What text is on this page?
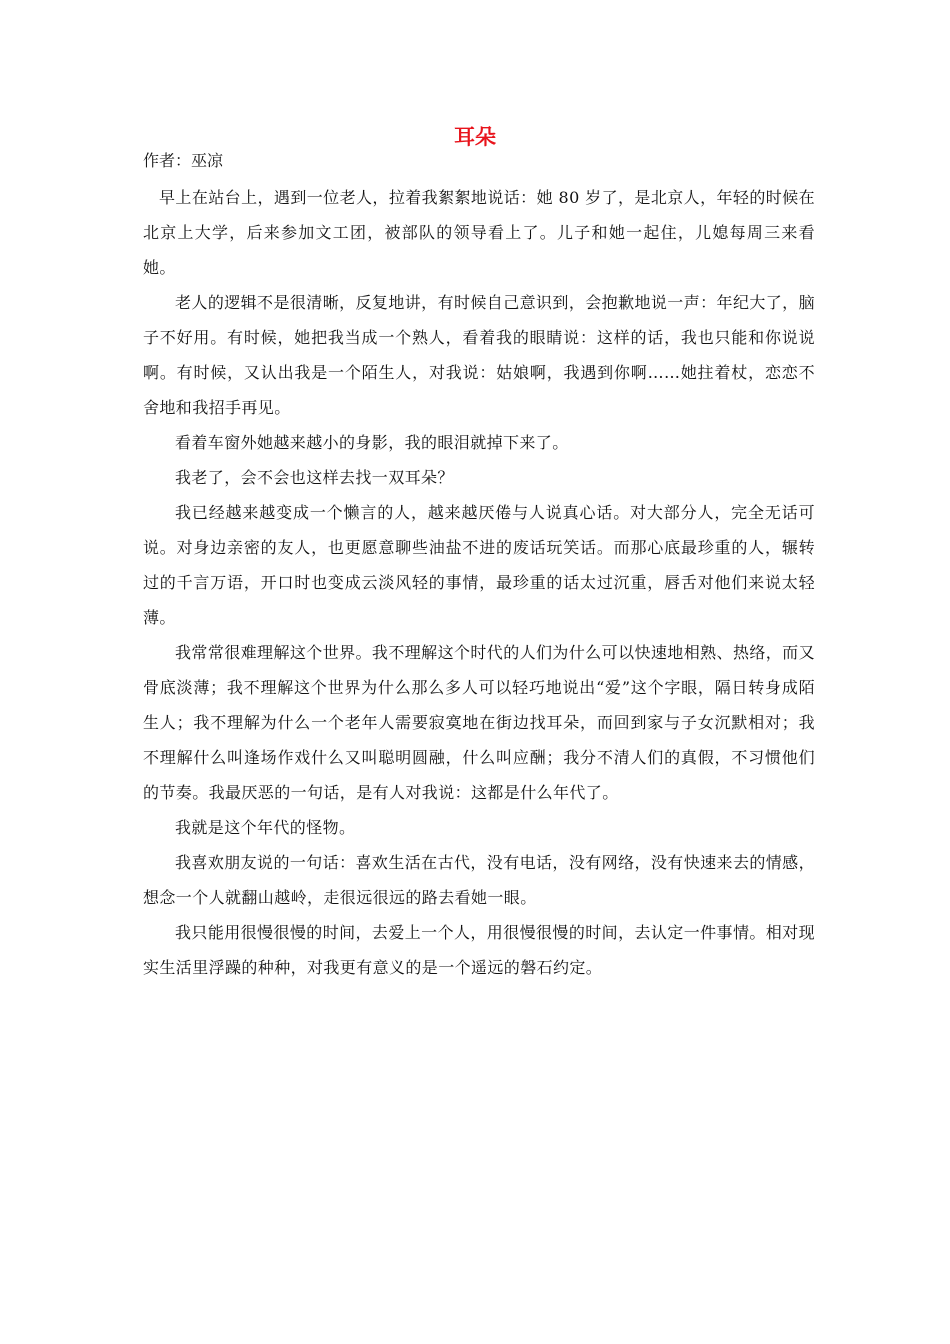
耳朵
作者：巫凉

早上在站台上，遇到一位老人，拉着我絮絮地说话：她 80 岁了，是北京人，年轻的时候在北京上大学，后来参加文工团，被部队的领导看上了。儿子和她一起住，儿媳每周三来看她。

老人的逻辑不是很清晰，反复地讲，有时候自己意识到，会抱歉地说一声：年纪大了，脑子不好用。有时候，她把我当成一个熟人，看着我的眼睛说：这样的话，我也只能和你说说啊。有时候，又认出我是一个陌生人，对我说：姑娘啊，我遇到你啊……她拄着杖，恋恋不舍地和我招手再见。

看着车窗外她越来越小的身影，我的眼泪就掉下来了。

我老了，会不会也这样去找一双耳朵？

我已经越来越变成一个懒言的人，越来越厌倦与人说真心话。对大部分人，完全无话可说。对身边亲密的友人，也更愿意聊些油盐不进的废话玩笑话。而那心底最珍重的人，辗转过的千言万语，开口时也变成云淡风轻的事情，最珍重的话太过沉重，唇舌对他们来说太轻薄。

我常常很难理解这个世界。我不理解这个时代的人们为什么可以快速地相熟、热络，而又骨底淡薄；我不理解这个世界为什么那么多人可以轻巧地说出“爱”这个字眼，隔日转身成陌生人；我不理解为什么一个老年人需要寂寞地在街边找耳朵，而回到家与子女沉默相对；我不理解什么叫逢场作戏什么又叫聪明圆融，什么叫应酬；我分不清人们的真假，不习惯他们的节奏。我最厌恶的一句话，是有人对我说：这都是什么年代了。

我就是这个年代的怪物。

我喜欢朋友说的一句话：喜欢生活在古代，没有电话，没有网络，没有快速来去的情感，想念一个人就翻山越岭，走很远很远的路去看她一眼。

我只能用很慢很慢的时间，去爱上一个人，用很慢很慢的时间，去认定一件事情。相对现实生活里浮躁的种种，对我更有意义的是一个遥远的磐石约定。
